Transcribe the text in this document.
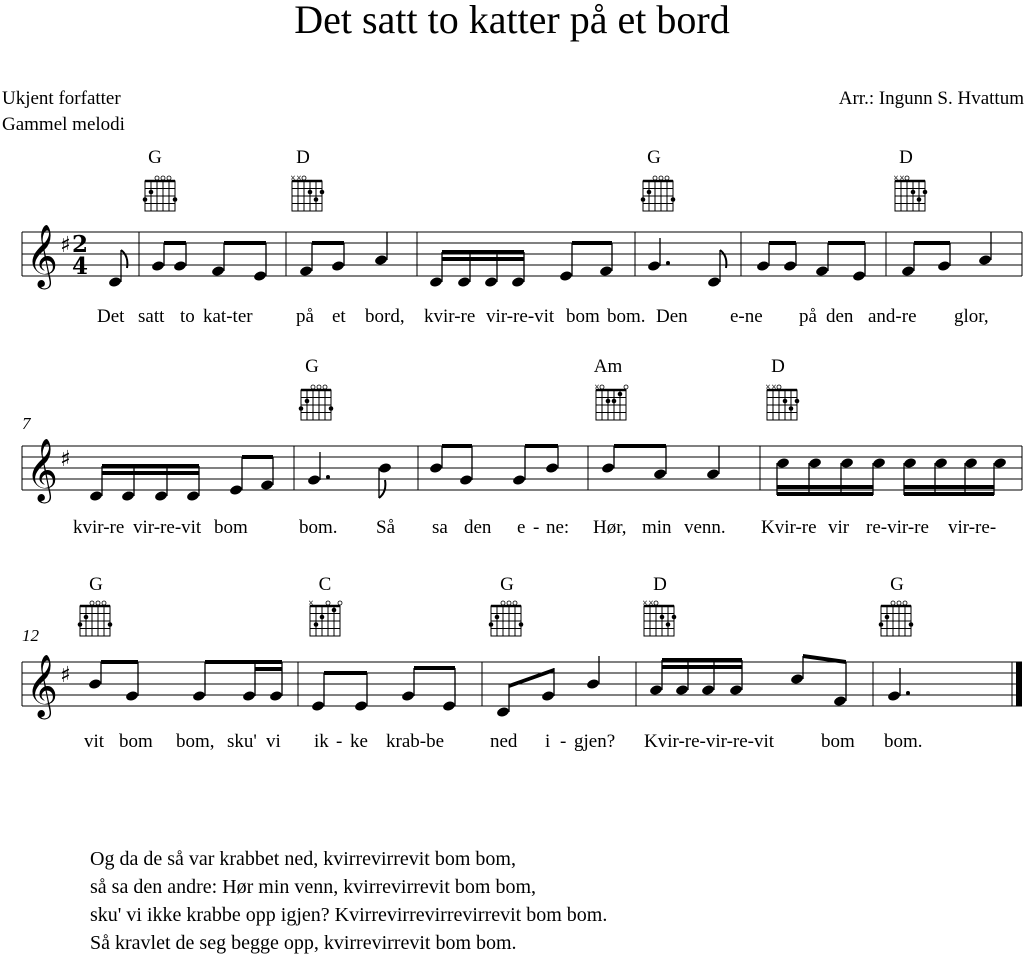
Det satt to katter på et bord
Ukjent forfatter
Gammel melodi
Arr.: Ingunn S. Hvattum
G	D	G	D
G	Am	D
G	C	G	D	G
7
12
Det satt to kat-ter på et bord, kvir-re vir-re-vit bom bom. Den e-ne på den and-re glor,
kvir-re vir-re-vit bom	bom. Så sa den e - ne: Hør, min venn. Kvir-re vir re-vir-re vir-re-
vit bom bom, sku' vi ik - ke krab-be ned i - gjen? Kvir-re-vir-re-vit bom bom.
Og da de så var krabbet ned, kvirrevirrevit bom bom,
så sa den andre: Hør min venn, kvirrevirrevit bom bom,
sku' vi ikke krabbe opp igjen? Kvirrevirrevirrevirrevit bom bom.
Så kravlet de seg begge opp, kvirrevirrevit bom bom.
𝄞 ♯ 2
4
𝄞 ♯
𝄞 ♯
